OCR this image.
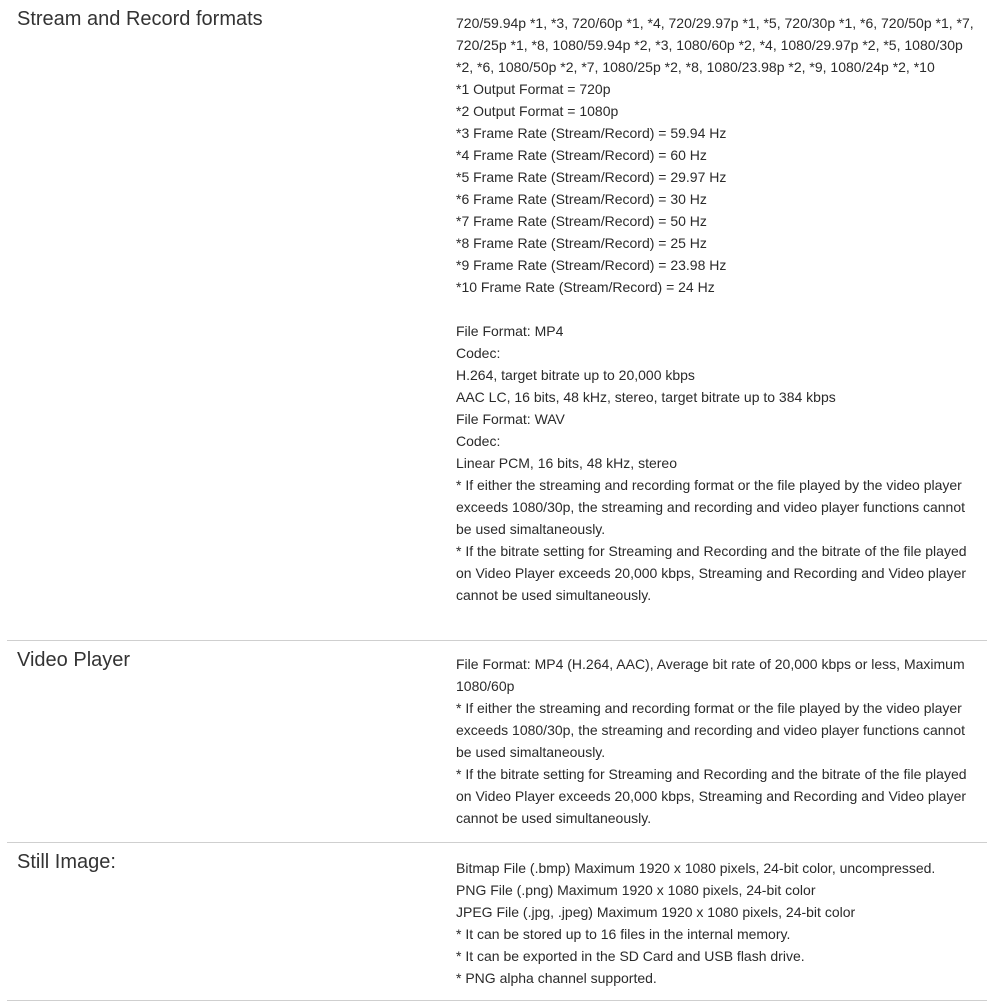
Stream and Record formats	720/59.94p *1, *3, 720/60p *1, *4, 720/29.97p *1, *5, 720/30p *1, *6, 720/50p *1, *7, 720/25p *1, *8, 1080/59.94p *2, *3, 1080/60p *2, *4, 1080/29.97p *2, *5, 1080/30p *2, *6, 1080/50p *2, *7, 1080/25p *2, *8, 1080/23.98p *2, *9, 1080/24p *2, *10
*1 Output Format = 720p
*2 Output Format = 1080p
*3 Frame Rate (Stream/Record) = 59.94 Hz
*4 Frame Rate (Stream/Record) = 60 Hz
*5 Frame Rate (Stream/Record) = 29.97 Hz
*6 Frame Rate (Stream/Record) = 30 Hz
*7 Frame Rate (Stream/Record) = 50 Hz
*8 Frame Rate (Stream/Record) = 25 Hz
*9 Frame Rate (Stream/Record) = 23.98 Hz
*10 Frame Rate (Stream/Record) = 24 Hz
File Format: MP4
Codec:
H.264, target bitrate up to 20,000 kbps
AAC LC, 16 bits, 48 kHz, stereo, target bitrate up to 384 kbps
File Format: WAV
Codec:
Linear PCM, 16 bits, 48 kHz, stereo
* If either the streaming and recording format or the file played by the video player exceeds 1080/30p, the streaming and recording and video player functions cannot be used simaltaneously.
* If the bitrate setting for Streaming and Recording and the bitrate of the file played on Video Player exceeds 20,000 kbps, Streaming and Recording and Video player cannot be used simultaneously.
Video Player	File Format: MP4 (H.264, AAC), Average bit rate of 20,000 kbps or less, Maximum 1080/60p
* If either the streaming and recording format or the file played by the video player exceeds 1080/30p, the streaming and recording and video player functions cannot be used simaltaneously.
* If the bitrate setting for Streaming and Recording and the bitrate of the file played on Video Player exceeds 20,000 kbps, Streaming and Recording and Video player cannot be used simultaneously.
Still Image:	Bitmap File (.bmp) Maximum 1920 x 1080 pixels, 24-bit color, uncompressed.
PNG File (.png) Maximum 1920 x 1080 pixels, 24-bit color
JPEG File (.jpg, .jpeg) Maximum 1920 x 1080 pixels, 24-bit color
* It can be stored up to 16 files in the internal memory.
* It can be exported in the SD Card and USB flash drive.
* PNG alpha channel supported.
